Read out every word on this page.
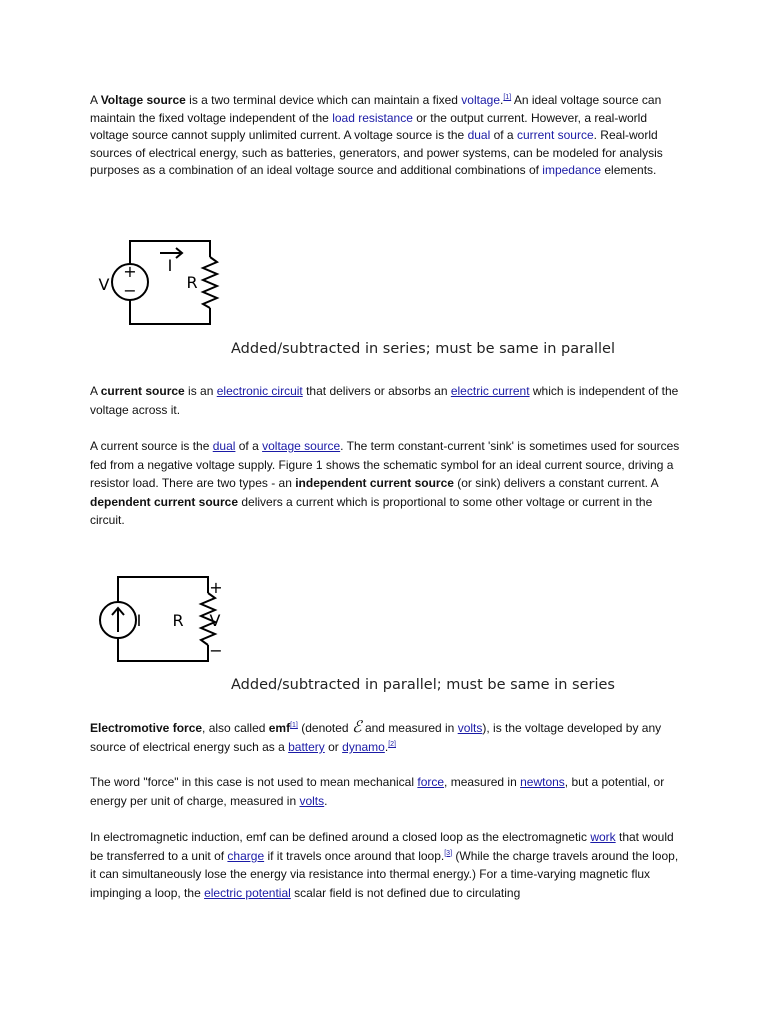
A Voltage source is a two terminal device which can maintain a fixed voltage.[1] An ideal voltage source can maintain the fixed voltage independent of the load resistance or the output current. However, a real-world voltage source cannot supply unlimited current. A voltage source is the dual of a current source. Real-world sources of electrical energy, such as batteries, generators, and power systems, can be modeled for analysis purposes as a combination of an ideal voltage source and additional combinations of impedance elements.
+
−
V
I
R
Added/subtracted in series; must be same in parallel
A current source is an electronic circuit that delivers or absorbs an electric current which is independent of the voltage across it.
A current source is the dual of a voltage source. The term constant-current 'sink' is sometimes used for sources fed from a negative voltage supply. Figure 1 shows the schematic symbol for an ideal current source, driving a resistor load. There are two types - an independent current source (or sink) delivers a constant current. A dependent current source delivers a current which is proportional to some other voltage or current in the circuit.
I R V
+
−
Added/subtracted in parallel; must be same in series
Electromotive force, also called emf[1] (denoted ℰ and measured in volts), is the voltage developed by any source of electrical energy such as a battery or dynamo.[2]
The word "force" in this case is not used to mean mechanical force, measured in newtons, but a potential, or energy per unit of charge, measured in volts.
In electromagnetic induction, emf can be defined around a closed loop as the electromagnetic work that would be transferred to a unit of charge if it travels once around that loop.[3] (While the charge travels around the loop, it can simultaneously lose the energy via resistance into thermal energy.) For a time-varying magnetic flux impinging a loop, the electric potential scalar field is not defined due to circulating
